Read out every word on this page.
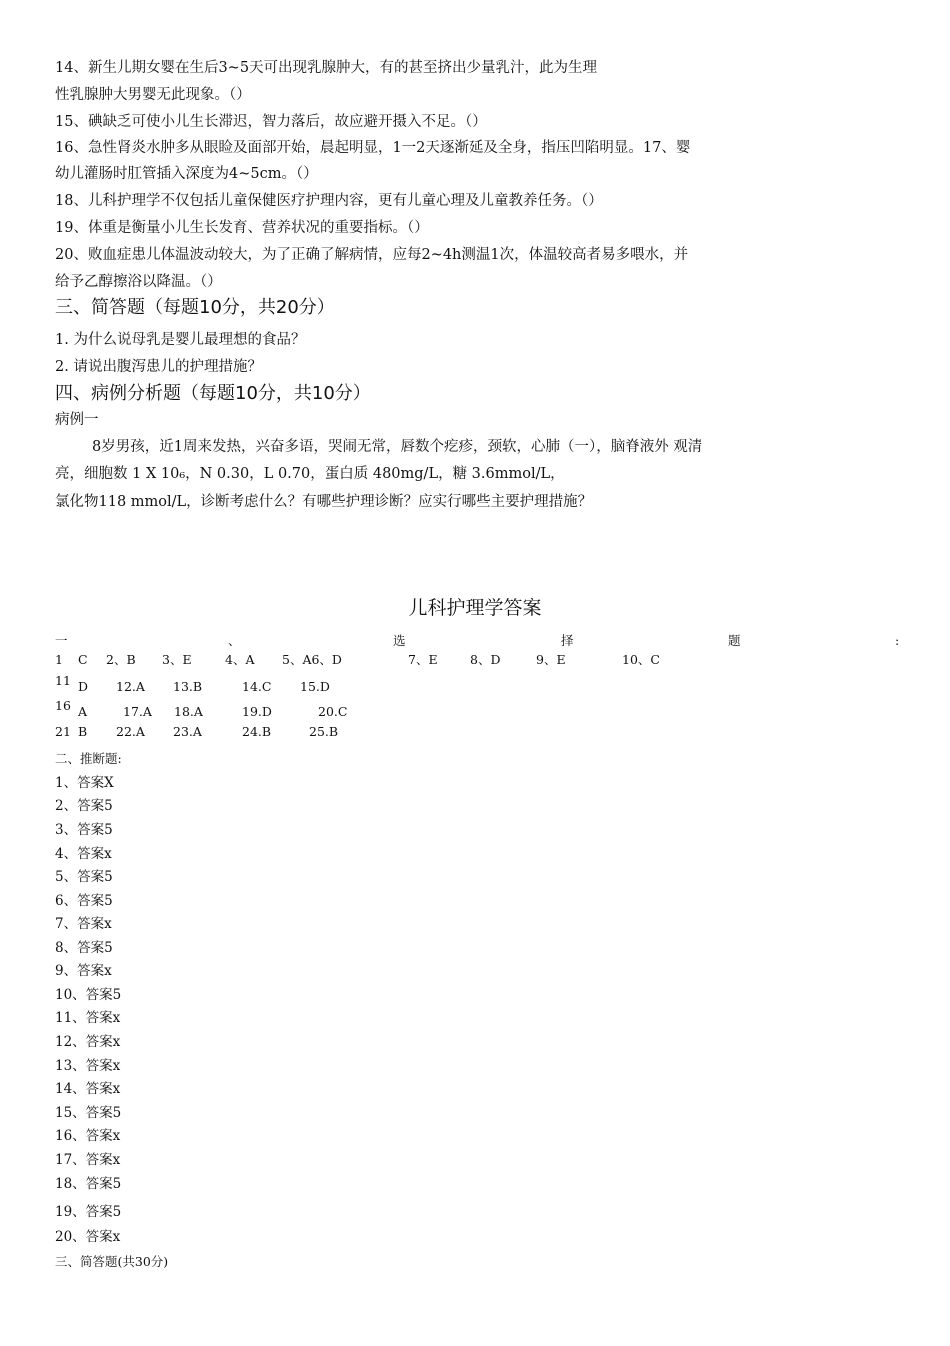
14、新生儿期女婴在生后3~5天可出现乳腺肿大，有的甚至挤出少量乳汁，此为生理
性乳腺肿大男婴无此现象。（）
15、碘缺乏可使小儿生长滞迟，智力落后，故应避开摄入不足。（）
16、急性肾炎水肿多从眼睑及面部开始，晨起明显，1一2天逐渐延及全身，指压凹陷明显。17、婴
幼儿灌肠时肛管插入深度为4~5cm。（）
18、儿科护理学不仅包括儿童保健医疗护理内容，更有儿童心理及儿童教养任务。（）
19、体重是衡量小儿生长发育、营养状况的重要指标。（）
20、败血症患儿体温波动较大，为了正确了解病情，应每2~4h测温1次，体温较高者易多喂水，并
给予乙醇擦浴以降温。（）
三、简答题（每题10分，共20分）
1. 为什么说母乳是婴儿最理想的食品？
2. 请说出腹泻患儿的护理措施？
四、病例分析题（每题10分，共10分）
病例一
8岁男孩，近1周来发热，兴奋多语，哭闹无常，唇数个疙疹，颈软，心肺（一），脑脊液外 观清
亮，细胞数 1 X 10₆，N 0.30，L 0.70，蛋白质 480mg/L，糖 3.6mmol/L，
氯化物118 mmol/L，诊断考虑什么？有哪些护理诊断？应实行哪些主要护理措施？
儿科护理学答案
一	、	选	择	题	:
1 C 2、B 3、E	4、A 5、A6、D	7、E	8、D	9、E	10、C
11 D 12.A 13.B	14.C 15.D
16 A	17.A 18.A	19.D	20.C
21 B 22.A 23.A	24.B	25.B
二、推断题:
1、答案X
2、答案5
3、答案5
4、答案x
5、答案5
6、答案5
7、答案x
8、答案5
9、答案x
10、答案5
11、答案x
12、答案x
13、答案x
14、答案x
15、答案5
16、答案x
17、答案x
18、答案5
19、答案5
20、答案x
三、简答题(共30分)
